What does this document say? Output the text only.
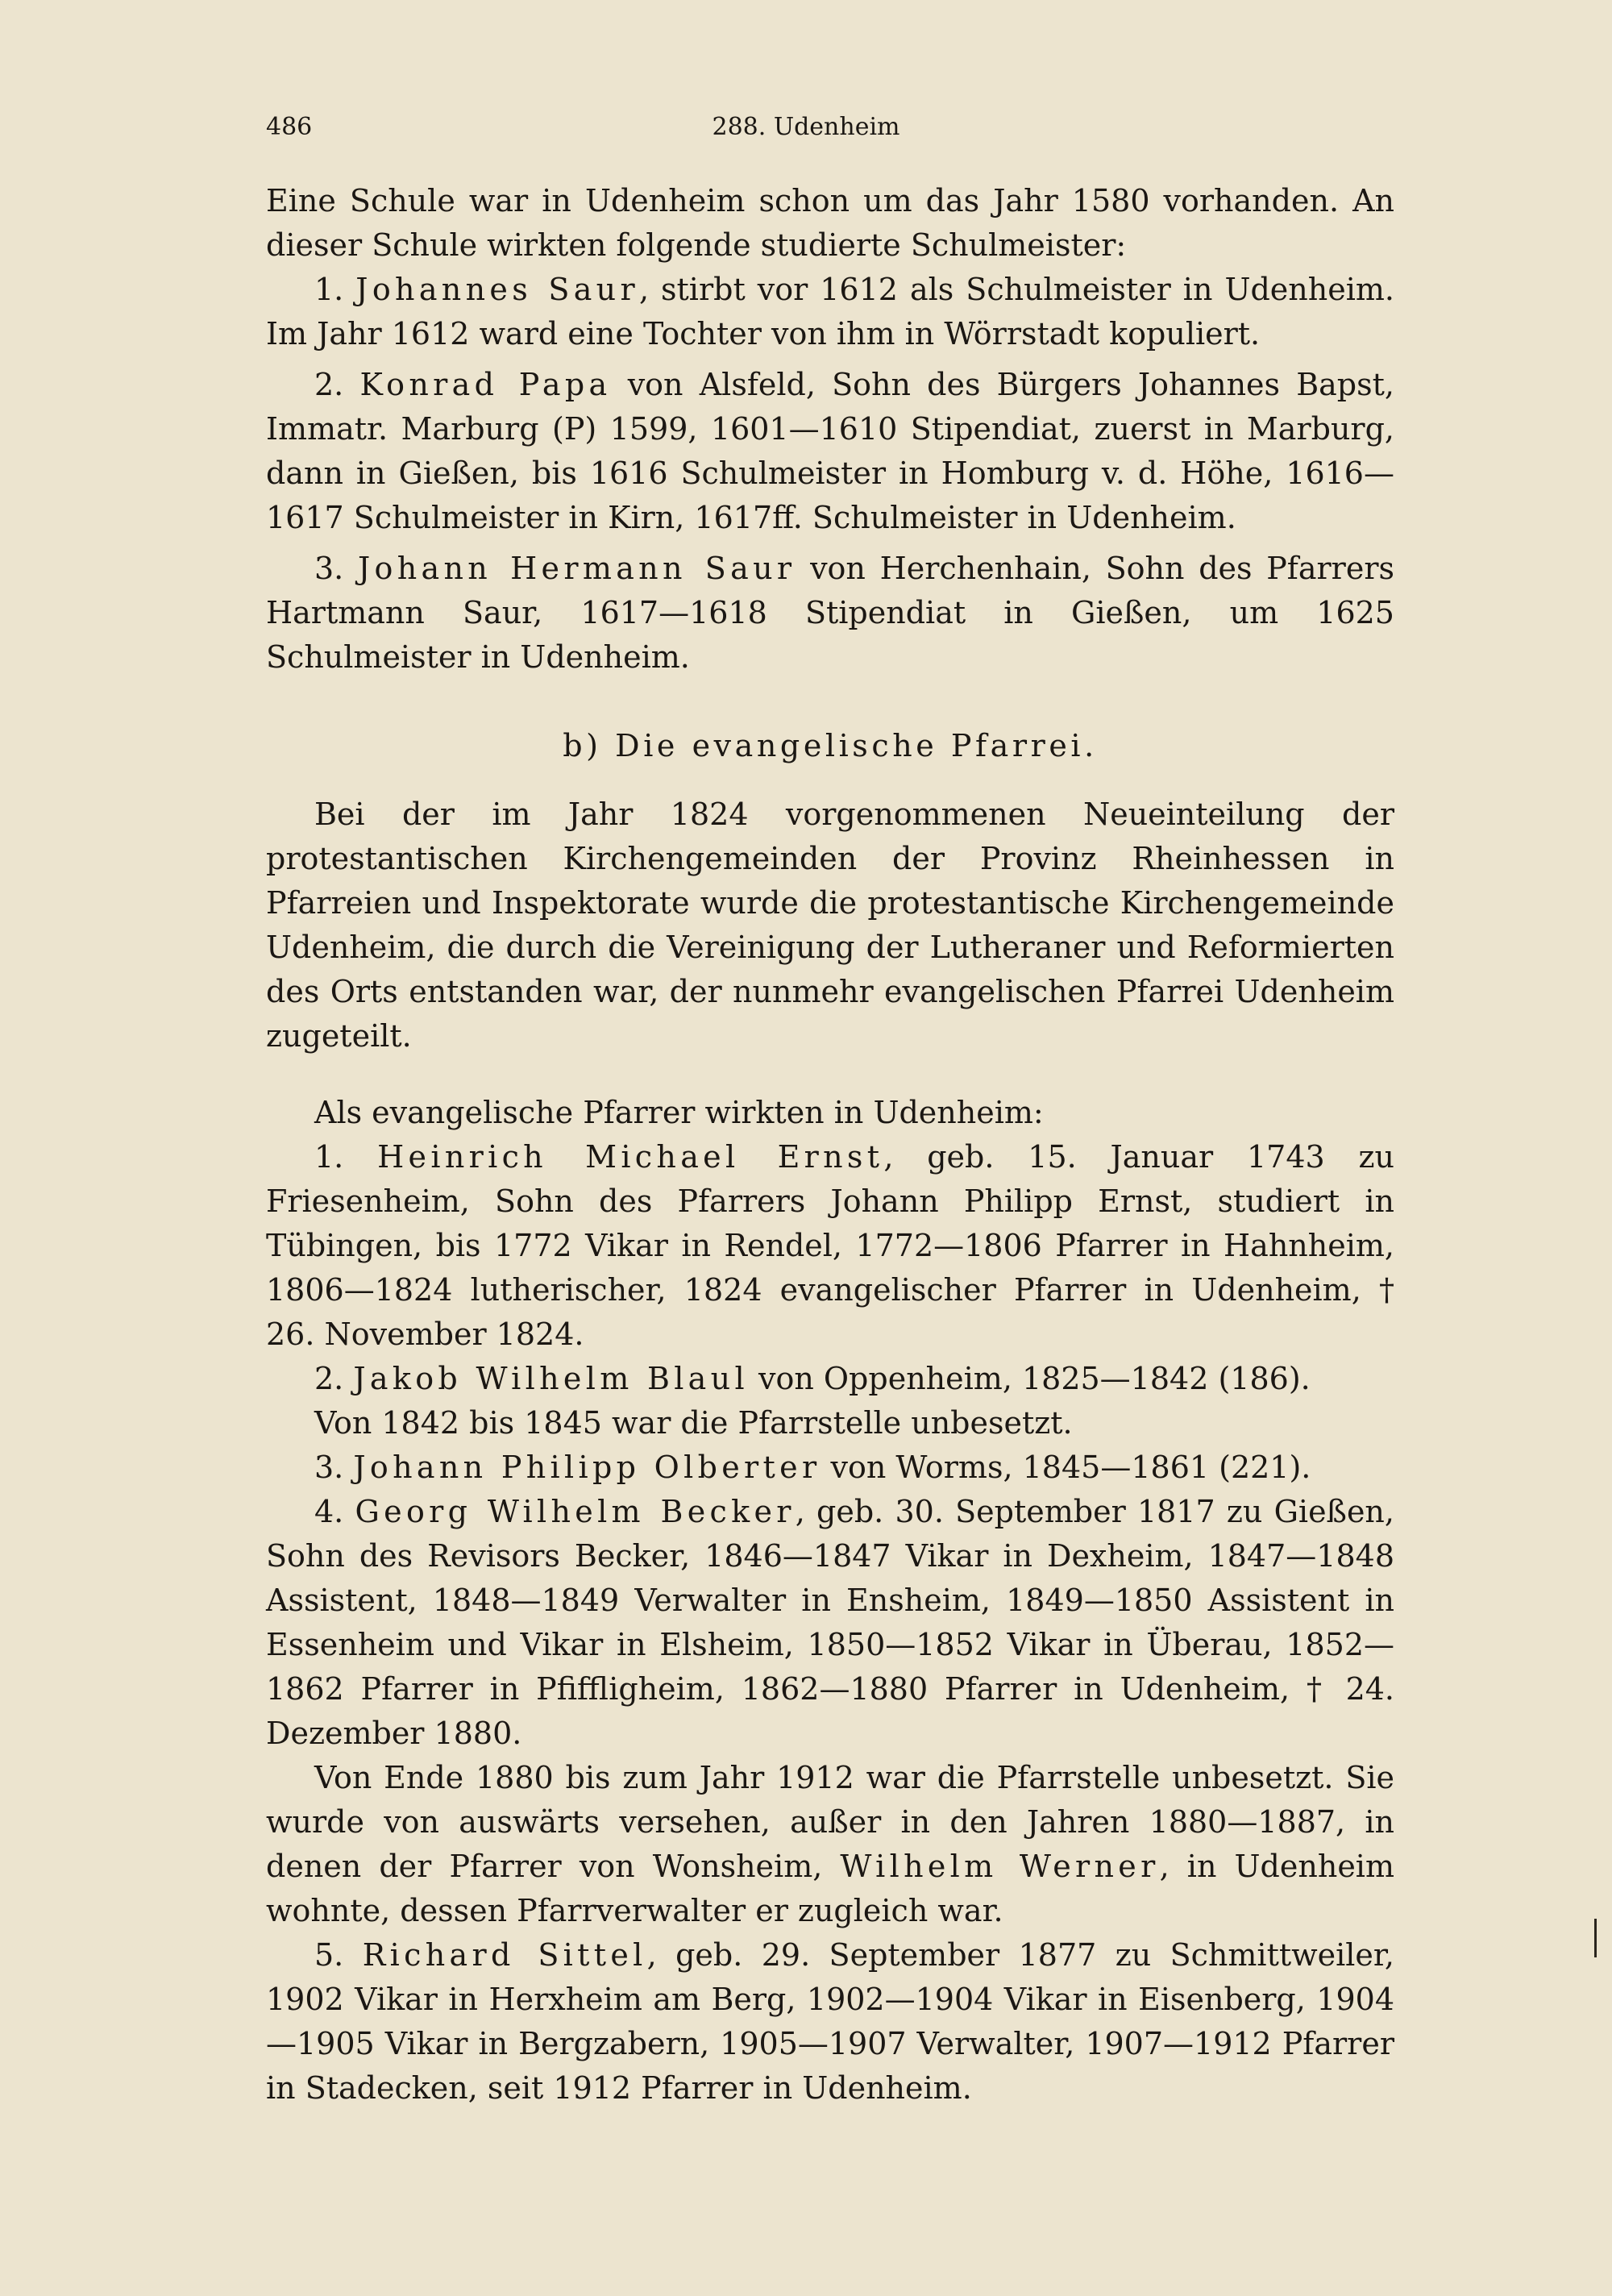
486	288. Udenheim

Eine Schule war in Udenheim schon um das Jahr 1580 vorhanden. An dieser Schule wirkten folgende studierte Schulmeister:

1. Johannes Saur, stirbt vor 1612 als Schulmeister in Udenheim. Im Jahr 1612 ward eine Tochter von ihm in Wörrstadt kopuliert.

2. Konrad Papa von Alsfeld, Sohn des Bürgers Johannes Bapst, Immatr. Marburg (P) 1599, 1601—1610 Stipendiat, zuerst in Marburg, dann in Gießen, bis 1616 Schulmeister in Homburg v. d. Höhe, 1616—1617 Schulmeister in Kirn, 1617ff. Schulmeister in Udenheim.

3. Johann Hermann Saur von Herchenhain, Sohn des Pfarrers Hartmann Saur, 1617—1618 Stipendiat in Gießen, um 1625 Schulmeister in Udenheim.

b) Die evangelische Pfarrei.

Bei der im Jahr 1824 vorgenommenen Neueinteilung der protestantischen Kirchengemeinden der Provinz Rheinhessen in Pfarreien und Inspektorate wurde die protestantische Kirchengemeinde Udenheim, die durch die Vereinigung der Lutheraner und Reformierten des Orts entstanden war, der nunmehr evangelischen Pfarrei Udenheim zugeteilt.

Als evangelische Pfarrer wirkten in Udenheim:

1. Heinrich Michael Ernst, geb. 15. Januar 1743 zu Friesenheim, Sohn des Pfarrers Johann Philipp Ernst, studiert in Tübingen, bis 1772 Vikar in Rendel, 1772—1806 Pfarrer in Hahnheim, 1806—1824 lutherischer, 1824 evangelischer Pfarrer in Udenheim, † 26. November 1824.

2. Jakob Wilhelm Blaul von Oppenheim, 1825—1842 (186).

Von 1842 bis 1845 war die Pfarrstelle unbesetzt.

3. Johann Philipp Olberter von Worms, 1845—1861 (221).

4. Georg Wilhelm Becker, geb. 30. September 1817 zu Gießen, Sohn des Revisors Becker, 1846—1847 Vikar in Dexheim, 1847—1848 Assistent, 1848—1849 Verwalter in Ensheim, 1849—1850 Assistent in Essenheim und Vikar in Elsheim, 1850—1852 Vikar in Überau, 1852—1862 Pfarrer in Pfiffligheim, 1862—1880 Pfarrer in Udenheim, † 24. Dezember 1880.

Von Ende 1880 bis zum Jahr 1912 war die Pfarrstelle unbesetzt. Sie wurde von auswärts versehen, außer in den Jahren 1880—1887, in denen der Pfarrer von Wonsheim, Wilhelm Werner, in Udenheim wohnte, dessen Pfarrverwalter er zugleich war.

5. Richard Sittel, geb. 29. September 1877 zu Schmittweiler, 1902 Vikar in Herxheim am Berg, 1902—1904 Vikar in Eisenberg, 1904—1905 Vikar in Bergzabern, 1905—1907 Verwalter, 1907—1912 Pfarrer in Stadecken, seit 1912 Pfarrer in Udenheim.
